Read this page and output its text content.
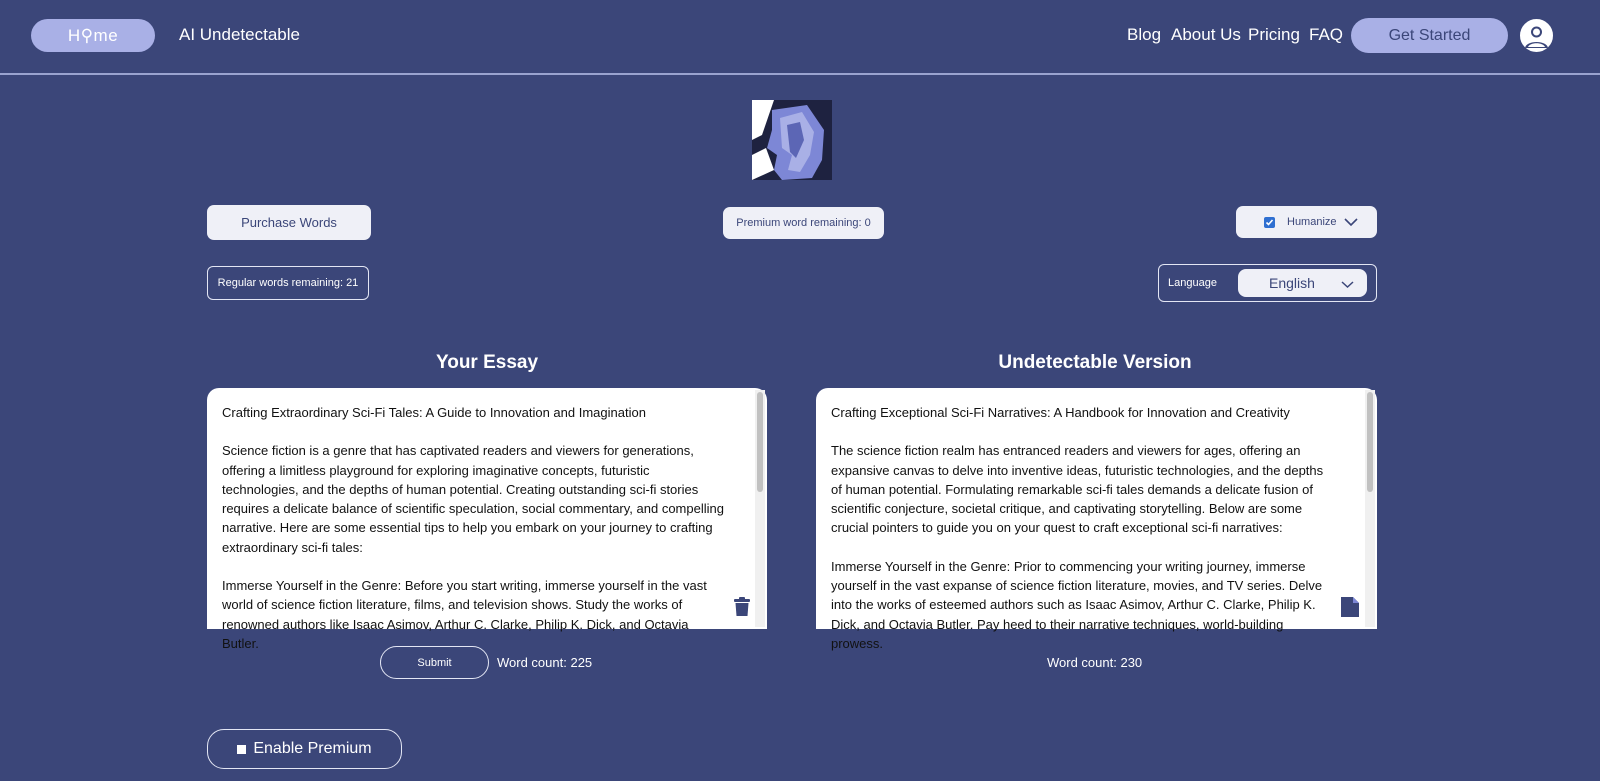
H⚲me	AI Undetectable	Blog About Us Pricing FAQ	Get Started
Purchase Words	Premium word remaining: 0	Humanize
Regular words remaining: 21	Language	English
Your Essay

Crafting Extraordinary Sci-Fi Tales: A Guide to Innovation and Imagination

Science fiction is a genre that has captivated readers and viewers for generations, offering a limitless playground for exploring imaginative concepts, futuristic technologies, and the depths of human potential. Creating outstanding sci-fi stories requires a delicate balance of scientific speculation, social commentary, and compelling narrative. Here are some essential tips to help you embark on your journey to crafting extraordinary sci-fi tales:

Immerse Yourself in the Genre: Before you start writing, immerse yourself in the vast world of science fiction literature, films, and television shows. Study the works of renowned authors like Isaac Asimov, Arthur C. Clarke, Philip K. Dick, and Octavia Butler.

Submit	Word count: 225
Undetectable Version

Crafting Exceptional Sci-Fi Narratives: A Handbook for Innovation and Creativity

The science fiction realm has entranced readers and viewers for ages, offering an expansive canvas to delve into inventive ideas, futuristic technologies, and the depths of human potential. Formulating remarkable sci-fi tales demands a delicate fusion of scientific conjecture, societal critique, and captivating storytelling. Below are some crucial pointers to guide you on your quest to craft exceptional sci-fi narratives:

Immerse Yourself in the Genre: Prior to commencing your writing journey, immerse yourself in the vast expanse of science fiction literature, movies, and TV series. Delve into the works of esteemed authors such as Isaac Asimov, Arthur C. Clarke, Philip K. Dick, and Octavia Butler. Pay heed to their narrative techniques, world-building prowess.

Word count: 230
Enable Premium
